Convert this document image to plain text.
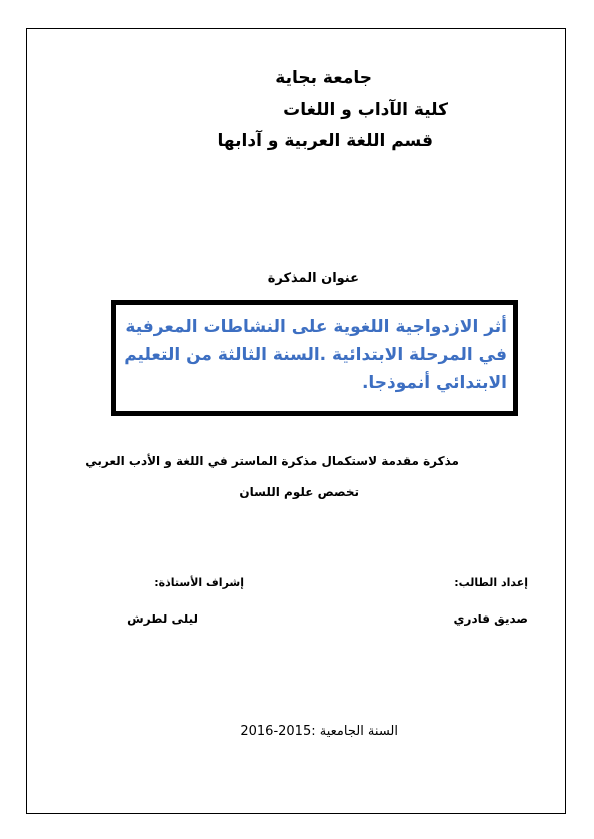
جامعة بجاية
كلية الآداب و اللغات
قسم اللغة العربية و آدابها
عنوان المذكرة
أثر الازدواجية اللغوية على النشاطات المعرفية في المرحلة الابتدائية .السنة الثالثة من التعليم الابتدائي أنموذجا.
مذكرة مقدمة لاستكمال مذكرة الماستر في اللغة و الأدب العربي
تخصص علوم اللسان
إعداد الطالب:
إشراف الأستاذة:
صديق قادري
ليلى لطرش
السنة الجامعية :2015-2016
